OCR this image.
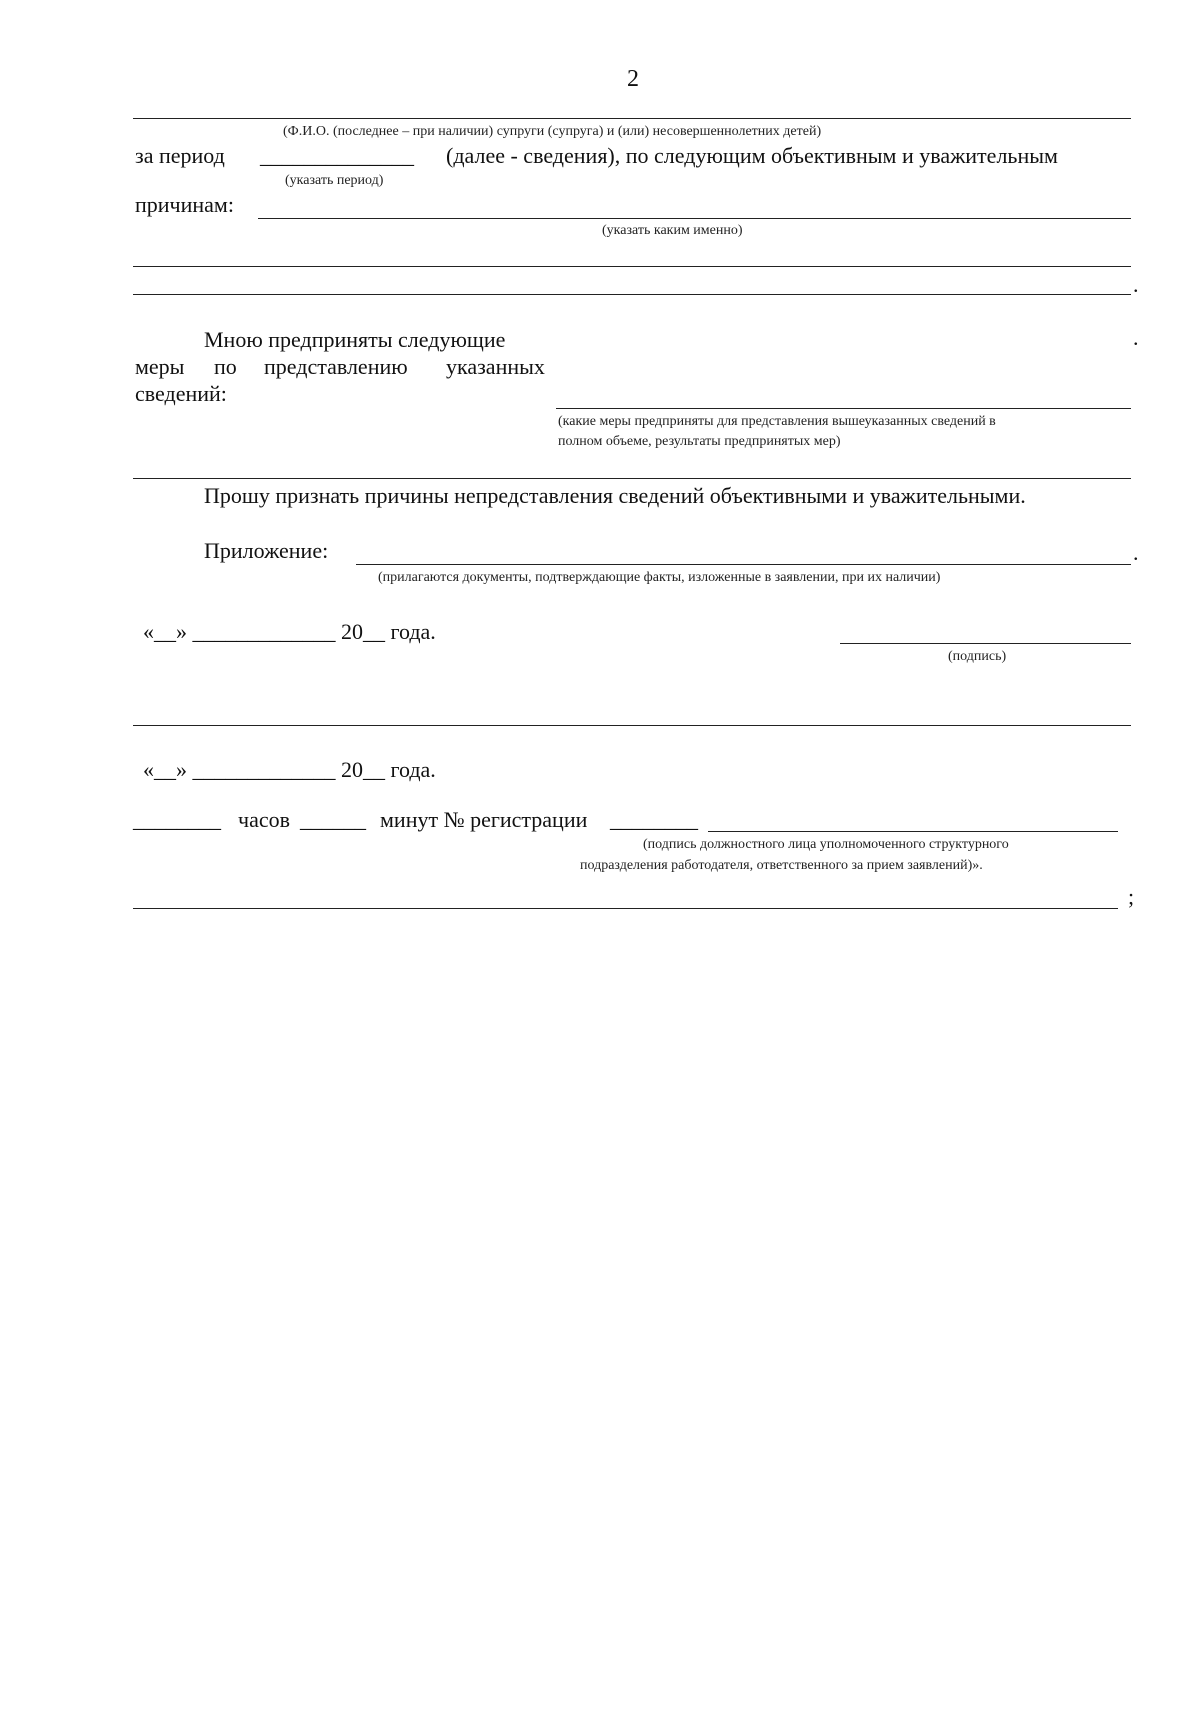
2
(Ф.И.О. (последнее – при наличии) супруги (супруга) и (или) несовершеннолетних детей)
за период ______________ (далее - сведения), по следующим объективным и уважительным
(указать период)
причинам:
(указать каким именно)
.
Мною предприняты следующие
меры по представлению указанных
сведений:
.
(какие меры предприняты для представления вышеуказанных сведений в
полном объеме, результаты предпринятых мер)
Прошу признать причины непредставления сведений объективными и уважительными.
Приложение:	.
(прилагаются документы, подтверждающие факты, изложенные в заявлении, при их наличии)
«__» _____________ 20__ года.
(подпись)
«__» _____________ 20__ года.
________ часов ______ минут № регистрации ________
(подпись должностного лица уполномоченного структурного
подразделения работодателя, ответственного за прием заявлений)».
;
